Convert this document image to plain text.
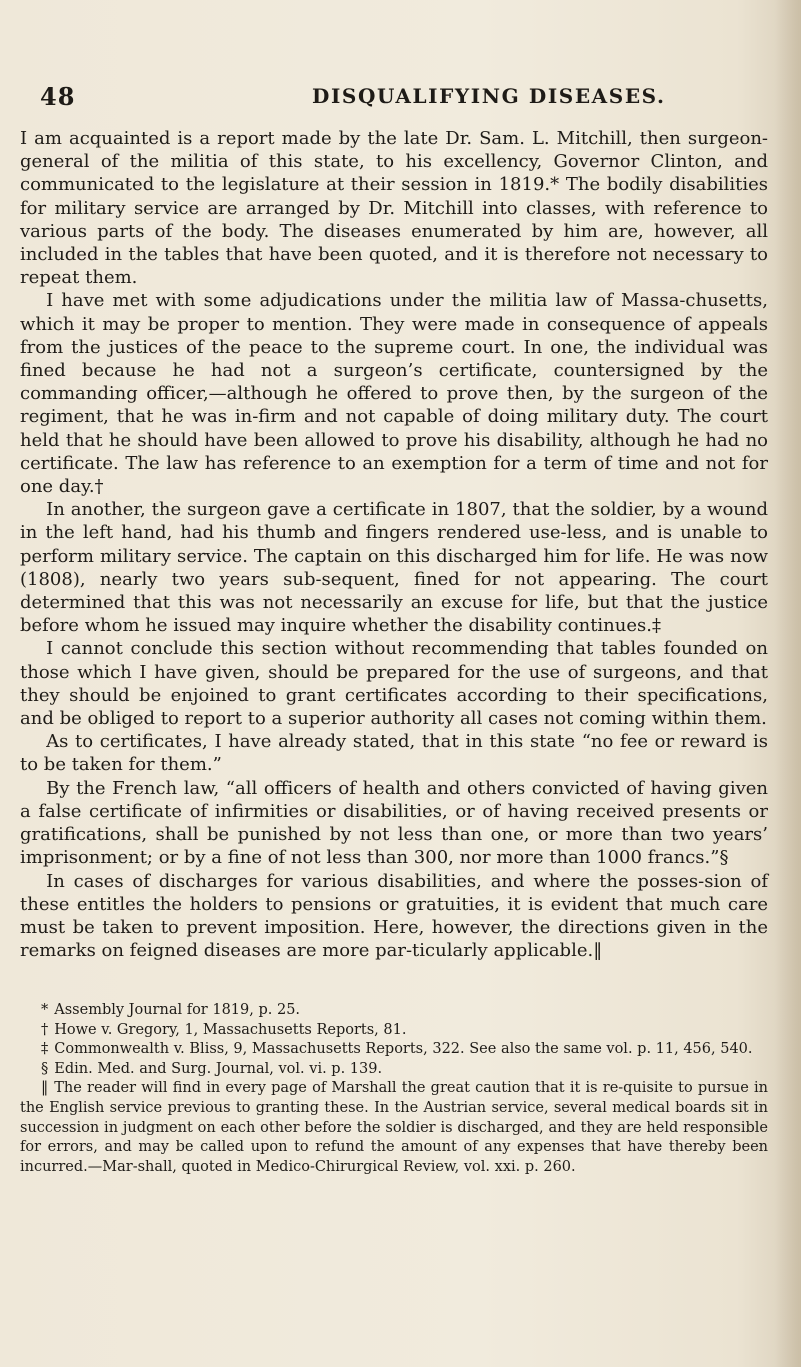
48	DISQUALIFYING DISEASES.

I am acquainted is a report made by the late Dr. Sam. L. Mitchill, then surgeon-general of the militia of this state, to his excellency, Governor Clinton, and communicated to the legislature at their session in 1819.* The bodily disabilities for military service are arranged by Dr. Mitchill into classes, with reference to various parts of the body. The diseases enumerated by him are, however, all included in the tables that have been quoted, and it is therefore not necessary to repeat them.

I have met with some adjudications under the militia law of Massa-chusetts, which it may be proper to mention. They were made in consequence of appeals from the justices of the peace to the supreme court. In one, the individual was fined because he had not a surgeon’s certificate, countersigned by the commanding officer,—although he offered to prove then, by the surgeon of the regiment, that he was in-firm and not capable of doing military duty. The court held that he should have been allowed to prove his disability, although he had no certificate. The law has reference to an exemption for a term of time and not for one day.†

In another, the surgeon gave a certificate in 1807, that the soldier, by a wound in the left hand, had his thumb and fingers rendered use-less, and is unable to perform military service. The captain on this discharged him for life. He was now (1808), nearly two years sub-sequent, fined for not appearing. The court determined that this was not necessarily an excuse for life, but that the justice before whom he issued may inquire whether the disability continues.‡

I cannot conclude this section without recommending that tables founded on those which I have given, should be prepared for the use of surgeons, and that they should be enjoined to grant certificates according to their specifications, and be obliged to report to a superior authority all cases not coming within them.

As to certificates, I have already stated, that in this state “no fee or reward is to be taken for them.”

By the French law, “all officers of health and others convicted of having given a false certificate of infirmities or disabilities, or of having received presents or gratifications, shall be punished by not less than one, or more than two years’ imprisonment; or by a fine of not less than 300, nor more than 1000 francs.”§

In cases of discharges for various disabilities, and where the posses-sion of these entitles the holders to pensions or gratuities, it is evident that much care must be taken to prevent imposition. Here, however, the directions given in the remarks on feigned diseases are more par-ticularly applicable.‖

* Assembly Journal for 1819, p. 25.

† Howe v. Gregory, 1, Massachusetts Reports, 81.

‡ Commonwealth v. Bliss, 9, Massachusetts Reports, 322. See also the same vol. p. 11, 456, 540.

§ Edin. Med. and Surg. Journal, vol. vi. p. 139.

‖ The reader will find in every page of Marshall the great caution that it is re-quisite to pursue in the English service previous to granting these. In the Austrian service, several medical boards sit in succession in judgment on each other before the soldier is discharged, and they are held responsible for errors, and may be called upon to refund the amount of any expenses that have thereby been incurred.—Mar-shall, quoted in Medico-Chirurgical Review, vol. xxi. p. 260.
